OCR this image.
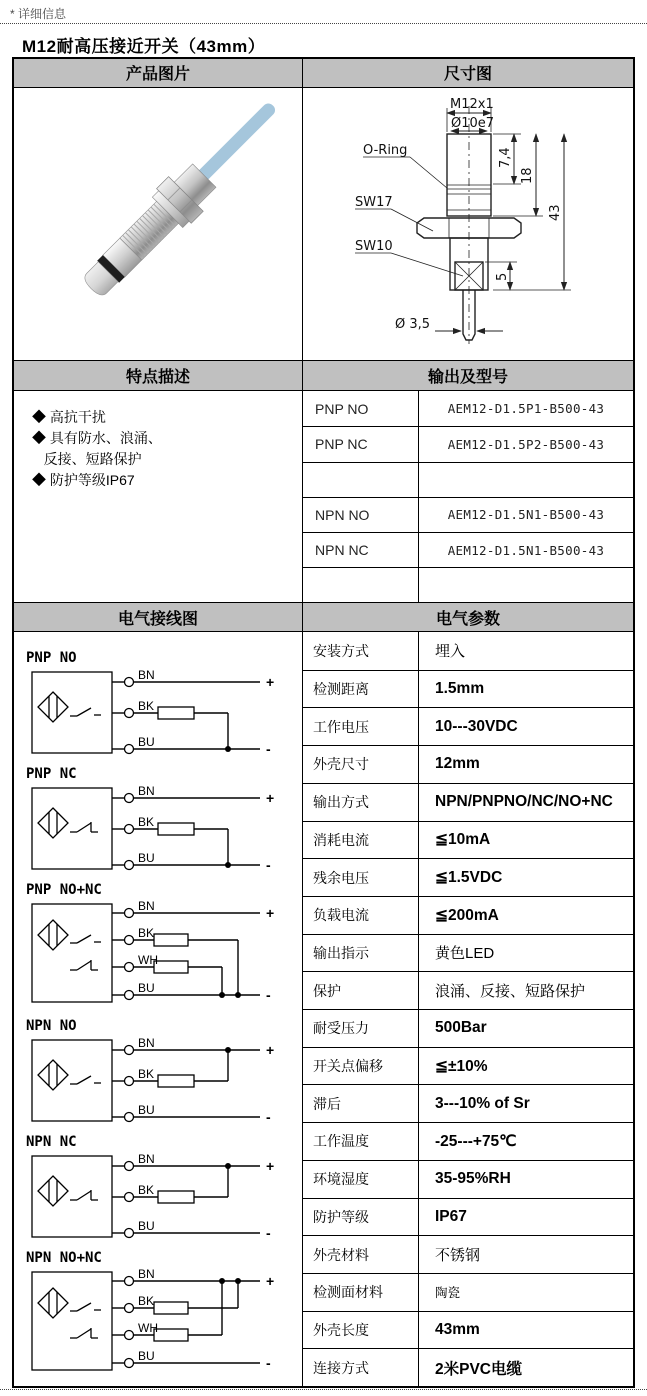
* 详细信息
M12耐高压接近开关（43mm）
产品图片	尺寸图
M12x1
Ø10e7
O-Ring
SW17
SW10
7,4
18
43
5
Ø 3,5
特点描述	输出及型号
◆ 高抗干扰
◆ 具有防水、浪涌、
反接、短路保护
◆ 防护等级IP67
PNP NO	AEM12-D1.5P1-B500-43
PNP NC	AEM12-D1.5P2-B500-43
NPN NO	AEM12-D1.5N1-B500-43
NPN NC	AEM12-D1.5N1-B500-43
电气接线图	电气参数
PNP NO
BN	+
BK
BU	-
PNP NC
BN	+
BK
BU	-
PNP NO+NC
BN	+
BK
WH
BU	-
NPN NO
BN	+
BK
BU	-
NPN NC
BN	+
BK
BU	-
NPN NO+NC
BN	+
BK
WH
BU	-
安装方式	埋入
检测距离	1.5mm
工作电压	10---30VDC
外壳尺寸	12mm
输出方式	NPN/PNPNO/NC/NO+NC
消耗电流	≦10mA
残余电压	≦1.5VDC
负载电流	≦200mA
输出指示	黄色LED
保护	浪涌、反接、短路保护
耐受压力	500Bar
开关点偏移	≦±10%
滞后	3---10% of Sr
工作温度	-25---+75℃
环境湿度	35-95%RH
防护等级	IP67
外壳材料	不锈钢
检测面材料	陶瓷
外壳长度	43mm
连接方式	2米PVC电缆
